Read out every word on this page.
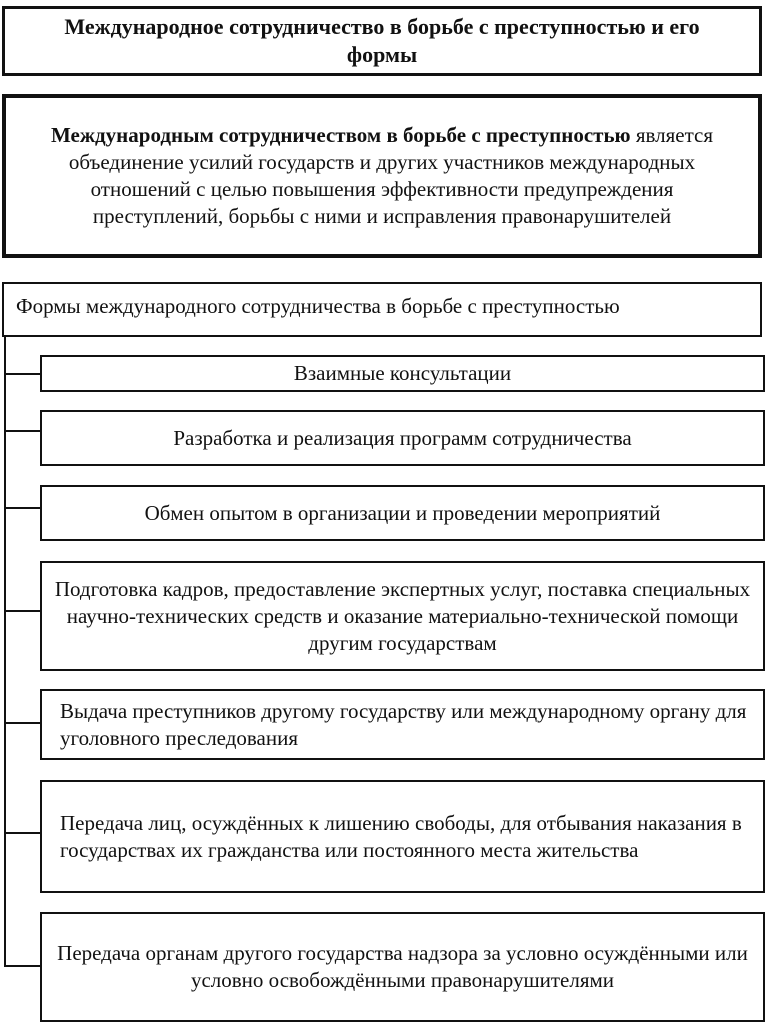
Международное сотрудничество в борьбе с преступностью и его формы
Международным сотрудничеством в борьбе с преступностью является объединение усилий государств и других участников международных отношений с целью повышения эффективности предупреждения преступлений, борьбы с ними и исправления правонарушителей
Формы международного сотрудничества в борьбе с преступностью
Взаимные консультации
Разработка и реализация программ сотрудничества
Обмен опытом в организации и проведении мероприятий
Подготовка кадров, предоставление экспертных услуг, поставка специальных научно-технических средств и оказание материально-технической помощи другим государствам
Выдача преступников другому государству или международному органу для уголовного преследования
Передача лиц, осуждённых к лишению свободы, для отбывания наказания в государствах их гражданства или постоянного места жительства
Передача органам другого государства надзора за условно осуждёнными или условно освобождёнными правонарушителями
